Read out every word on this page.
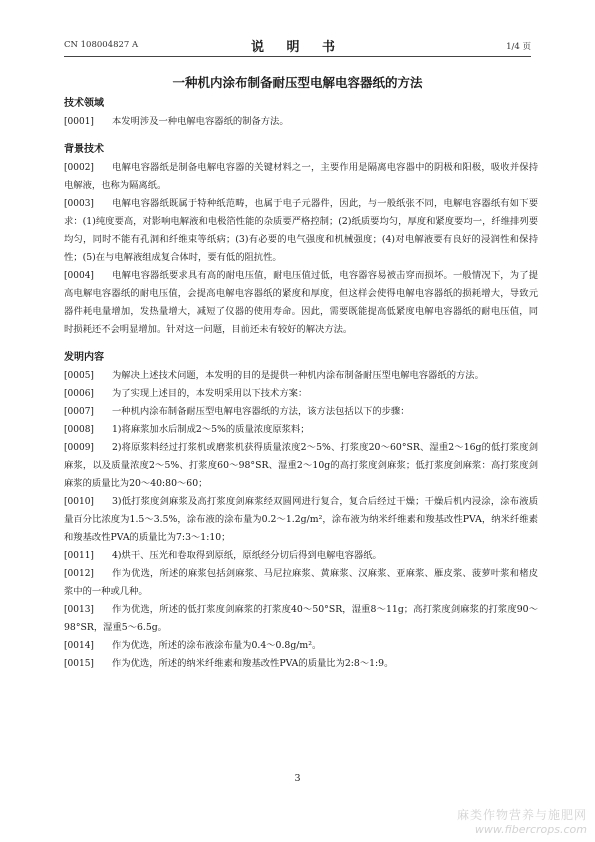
CN 108004827 A	说 明 书	1/4 页
一种机内涂布制备耐压型电解电容器纸的方法

技术领域

[0001] 本发明涉及一种电解电容器纸的制备方法。

背景技术

[0002] 电解电容器纸是制备电解电容器的关键材料之一，主要作用是隔离电容器中的阴极和阳极，吸收并保持电解液，也称为隔离纸。

[0003] 电解电容器纸既属于特种纸范畴，也属于电子元器件，因此，与一般纸张不同，电解电容器纸有如下要求：(1)纯度要高，对影响电解液和电极箔性能的杂质要严格控制；(2)纸质要均匀，厚度和紧度要均一，纤维排列要均匀，同时不能有孔洞和纤维束等纸病；(3)有必要的电气强度和机械强度；(4)对电解液要有良好的浸润性和保持性；(5)在与电解液组成复合体时，要有低的阻抗性。

[0004] 电解电容器纸要求具有高的耐电压值，耐电压值过低，电容器容易被击穿而损坏。一般情况下，为了提高电解电容器纸的耐电压值，会提高电解电容器纸的紧度和厚度，但这样会使得电解电容器纸的损耗增大，导致元器件耗电量增加，发热量增大，减短了仪器的使用寿命。因此，需要既能提高低紧度电解电容器纸的耐电压值，同时损耗还不会明显增加。针对这一问题，目前还未有较好的解决方法。

发明内容

[0005] 为解决上述技术问题，本发明的目的是提供一种机内涂布制备耐压型电解电容器纸的方法。

[0006] 为了实现上述目的，本发明采用以下技术方案：

[0007] 一种机内涂布制备耐压型电解电容器纸的方法，该方法包括以下的步骤：

[0008] 1)将麻浆加水后制成2～5%的质量浓度原浆料；

[0009] 2)将原浆料经过打浆机或磨浆机获得质量浓度2～5%、打浆度20～60°SR、湿重2～16g的低打浆度剑麻浆，以及质量浓度2～5%、打浆度60～98°SR、湿重2～10g的高打浆度剑麻浆；低打浆度剑麻浆：高打浆度剑麻浆的质量比为20～40:80～60；

[0010] 3)低打浆度剑麻浆及高打浆度剑麻浆经双圆网进行复合，复合后经过干燥；干燥后机内浸涂，涂布液质量百分比浓度为1.5～3.5%，涂布液的涂布量为0.2～1.2g/m²，涂布液为纳米纤维素和羧基改性PVA，纳米纤维素和羧基改性PVA的质量比为7:3～1:10；

[0011] 4)烘干、压光和卷取得到原纸，原纸经分切后得到电解电容器纸。

[0012] 作为优选，所述的麻浆包括剑麻浆、马尼拉麻浆、黄麻浆、汉麻浆、亚麻浆、雁皮浆、菠萝叶浆和楮皮浆中的一种或几种。

[0013] 作为优选，所述的低打浆度剑麻浆的打浆度40～50°SR，湿重8～11g；高打浆度剑麻浆的打浆度90～98°SR，湿重5～6.5g。

[0014] 作为优选，所述的涂布液涂布量为0.4～0.8g/m²。

[0015] 作为优选，所述的纳米纤维素和羧基改性PVA的质量比为2:8～1:9。

3
麻类作物营养与施肥网
www.fibercrops.com
